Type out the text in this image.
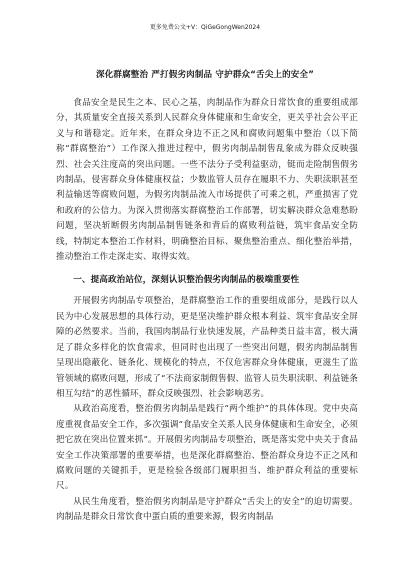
更多免费公文+V：QiGeGongWen2024
深化群腐整治 严打假劣肉制品 守护群众“舌尖上的安全”

食品安全是民生之本、民心之基，肉制品作为群众日常饮食的重要组成部分，其质量安全直接关系到人民群众身体健康和生命安全，更关乎社会公平正义与和谐稳定。近年来，在群众身边不正之风和腐败问题集中整治（以下简称“群腐整治”）工作深入推进过程中，假劣肉制品制售乱象成为群众反映强烈、社会关注度高的突出问题。一些不法分子受利益驱动，铤而走险制售假劣肉制品，侵害群众身体健康权益；少数监管人员存在履职不力、失职渎职甚至利益输送等腐败问题，为假劣肉制品流入市场提供了可乘之机，严重损害了党和政府的公信力。为深入贯彻落实群腐整治工作部署，切实解决群众急难愁盼问题，坚决斩断假劣肉制品制售链条和背后的腐败利益链，筑牢食品安全防线，特制定本整治工作材料，明确整治目标、聚焦整治重点、细化整治举措，推动整治工作走深走实、取得实效。

一、提高政治站位，深刻认识整治假劣肉制品的极端重要性

开展假劣肉制品专项整治，是群腐整治工作的重要组成部分，是践行以人民为中心发展思想的具体行动，更是坚决维护群众根本利益、筑牢食品安全屏障的必然要求。当前，我国肉制品行业快速发展，产品种类日益丰富，极大满足了群众多样化的饮食需求，但同时也出现了一些突出问题，假劣肉制品制售呈现出隐蔽化、链条化、规模化的特点，不仅危害群众身体健康，更滋生了监管领域的腐败问题，形成了“不法商家制假售假、监管人员失职渎职、利益链条相互勾结”的恶性循环，群众反映强烈、社会影响恶劣。

从政治高度看，整治假劣肉制品是践行“两个维护”的具体体现。党中央高度重视食品安全工作，多次强调“食品安全关系人民身体健康和生命安全，必须把它放在突出位置来抓”。开展假劣肉制品专项整治，既是落实党中央关于食品安全工作决策部署的重要举措，也是深化群腐整治、整治群众身边不正之风和腐败问题的关键抓手，更是检验各级部门履职担当、维护群众利益的重要标尺。

从民生角度看，整治假劣肉制品是守护群众“舌尖上的安全”的迫切需要。肉制品是群众日常饮食中蛋白质的重要来源，假劣肉制品
